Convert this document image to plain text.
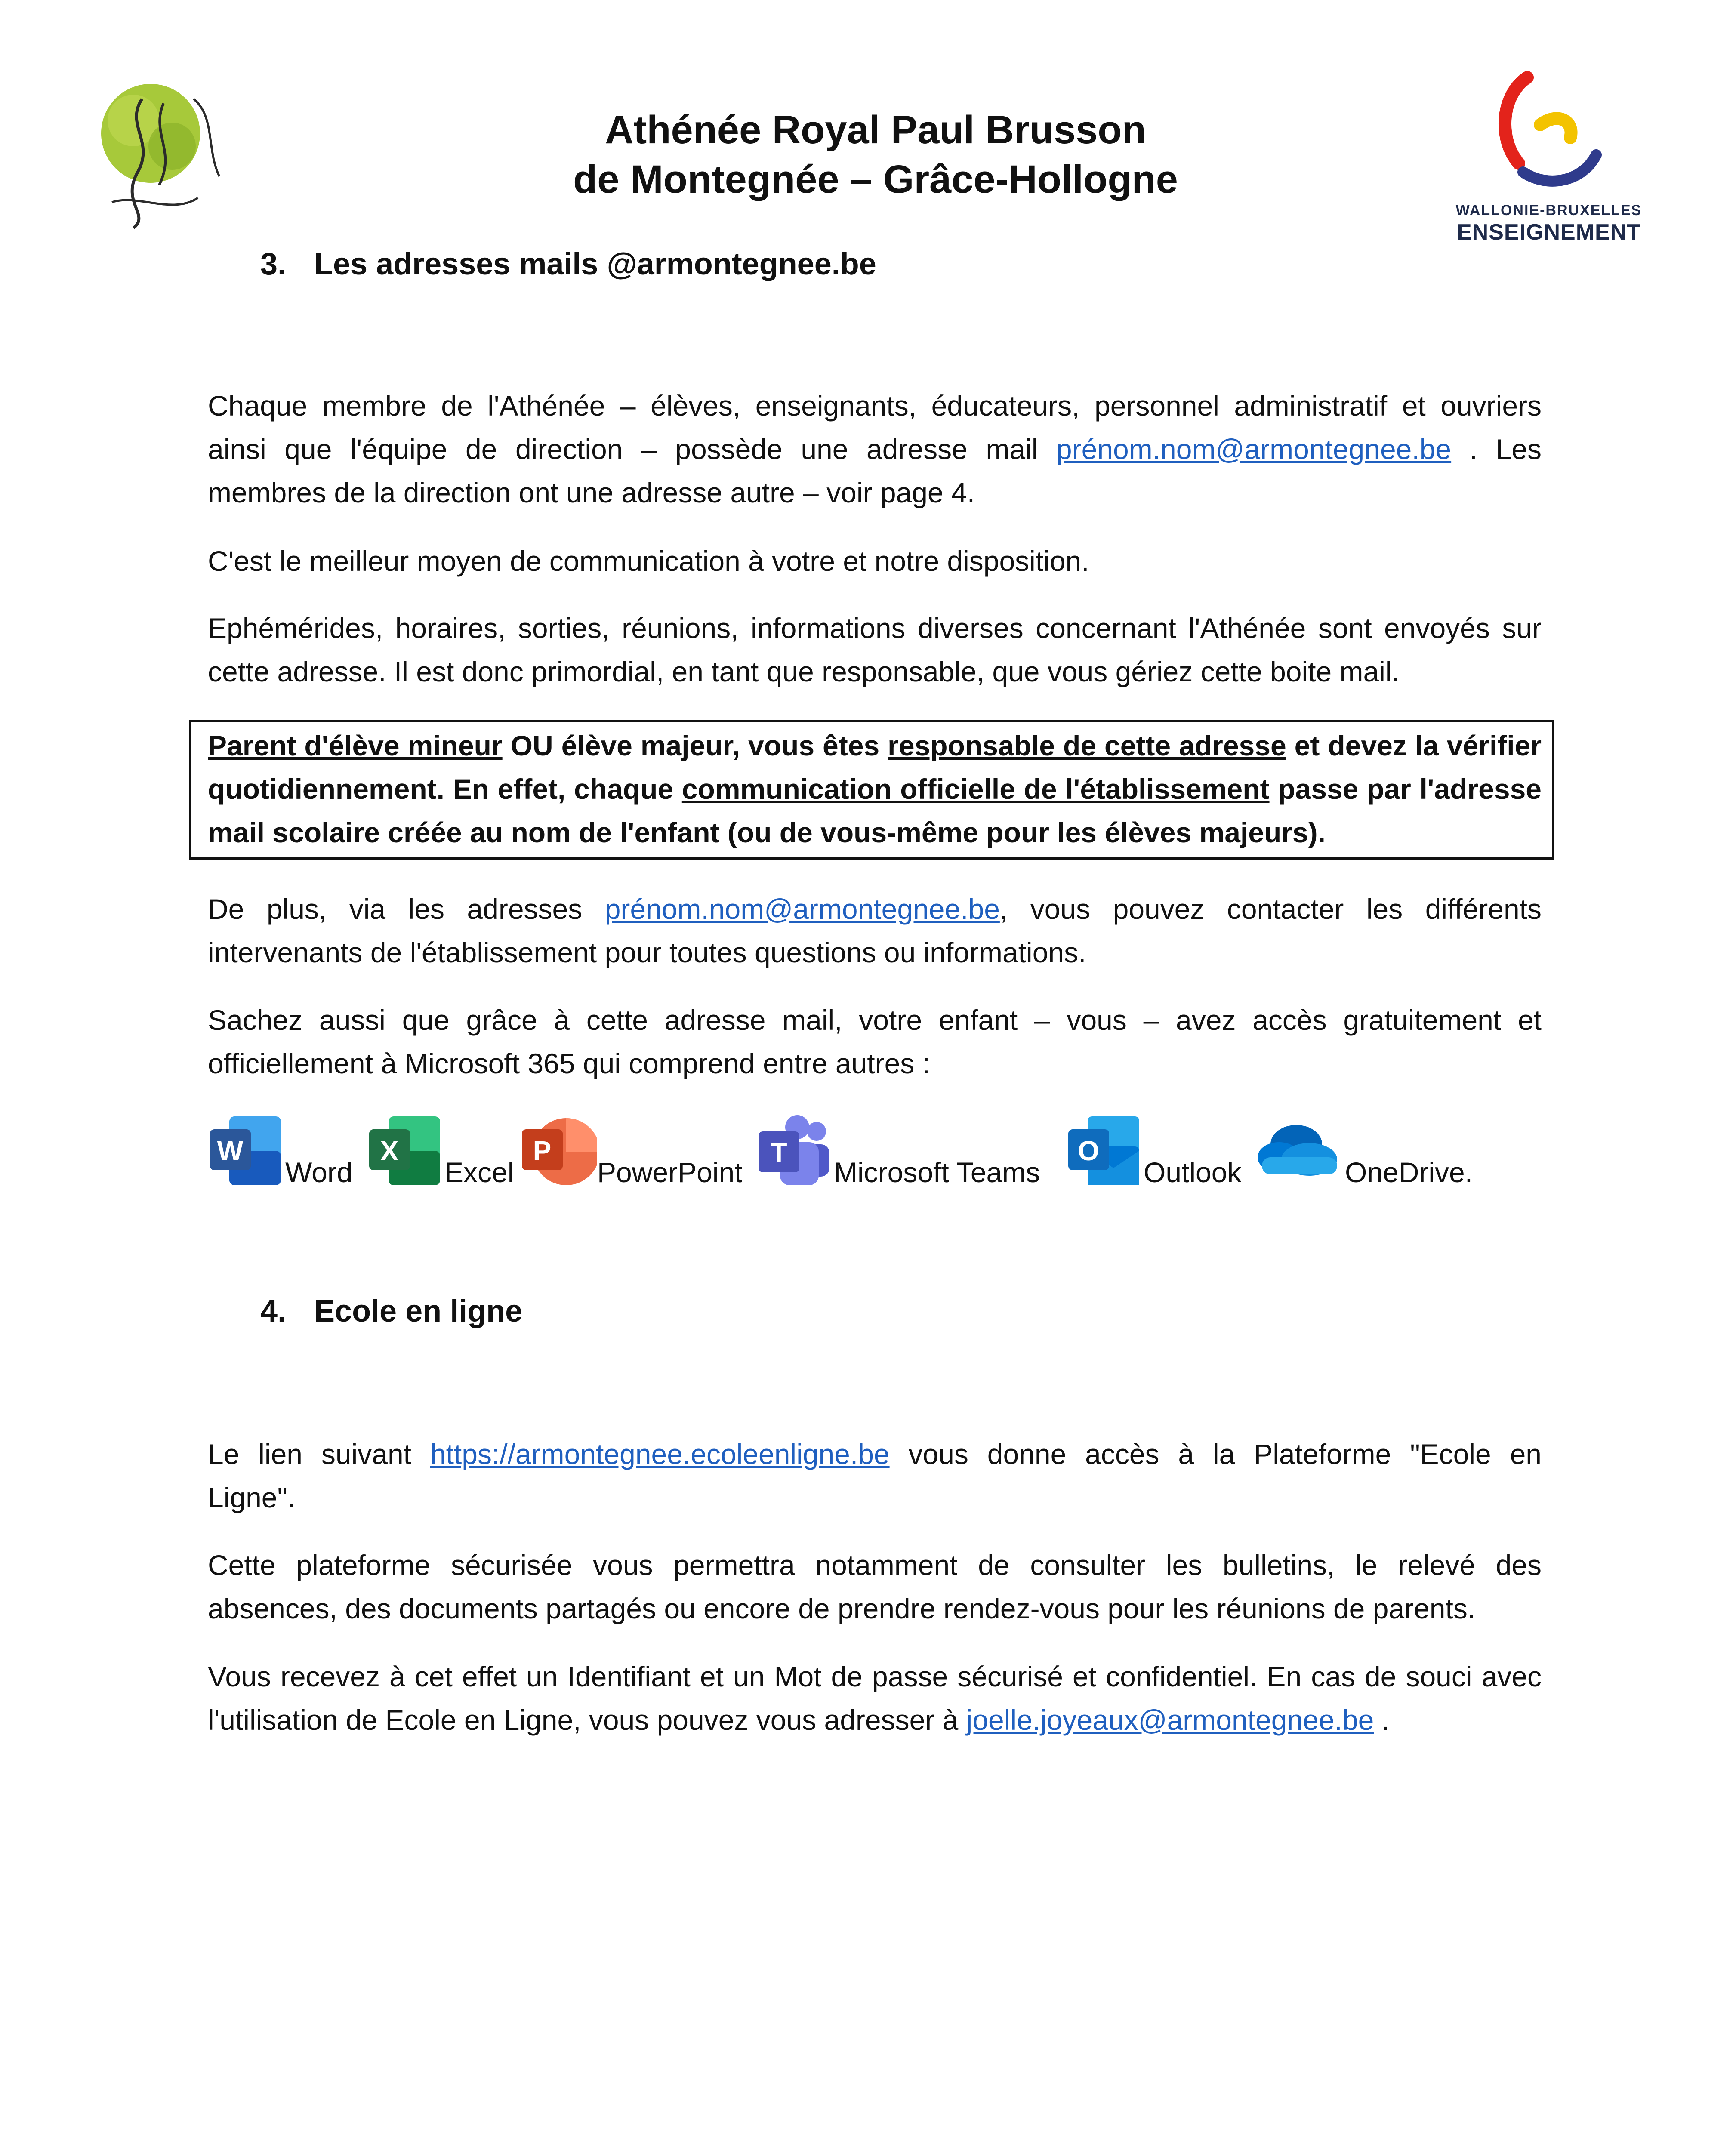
Athénée Royal Paul Brusson
de Montegnée – Grâce-Hollogne
WALLONIE-BRUXELLES
ENSEIGNEMENT
3. Les adresses mails @armontegnee.be
Chaque membre de l'Athénée – élèves, enseignants, éducateurs, personnel administratif et ouvriers
ainsi que l'équipe de direction – possède une adresse mail prénom.nom@armontegnee.be . Les
membres de la direction ont une adresse autre – voir page 4.
C'est le meilleur moyen de communication à votre et notre disposition.
Ephémérides, horaires, sorties, réunions, informations diverses concernant l'Athénée sont envoyés sur
cette adresse. Il est donc primordial, en tant que responsable, que vous gériez cette boite mail.
Parent d'élève mineur OU élève majeur, vous êtes responsable de cette adresse et devez la vérifier
quotidiennement. En effet, chaque communication officielle de l'établissement passe par l'adresse
mail scolaire créée au nom de l'enfant (ou de vous-même pour les élèves majeurs).
De plus, via les adresses prénom.nom@armontegnee.be, vous pouvez contacter les différents
intervenants de l'établissement pour toutes questions ou informations.
Sachez aussi que grâce à cette adresse mail, votre enfant – vous – avez accès gratuitement et
officiellement à Microsoft 365 qui comprend entre autres :
W
Word
X
Excel
P
PowerPoint
T
Microsoft Teams
O
Outlook	OneDrive.
4. Ecole en ligne
Le lien suivant https://armontegnee.ecoleenligne.be vous donne accès à la Plateforme "Ecole en
Ligne".
Cette plateforme sécurisée vous permettra notamment de consulter les bulletins, le relevé des
absences, des documents partagés ou encore de prendre rendez-vous pour les réunions de parents.
Vous recevez à cet effet un Identifiant et un Mot de passe sécurisé et confidentiel. En cas de souci avec
l'utilisation de Ecole en Ligne, vous pouvez vous adresser à joelle.joyeaux@armontegnee.be .
